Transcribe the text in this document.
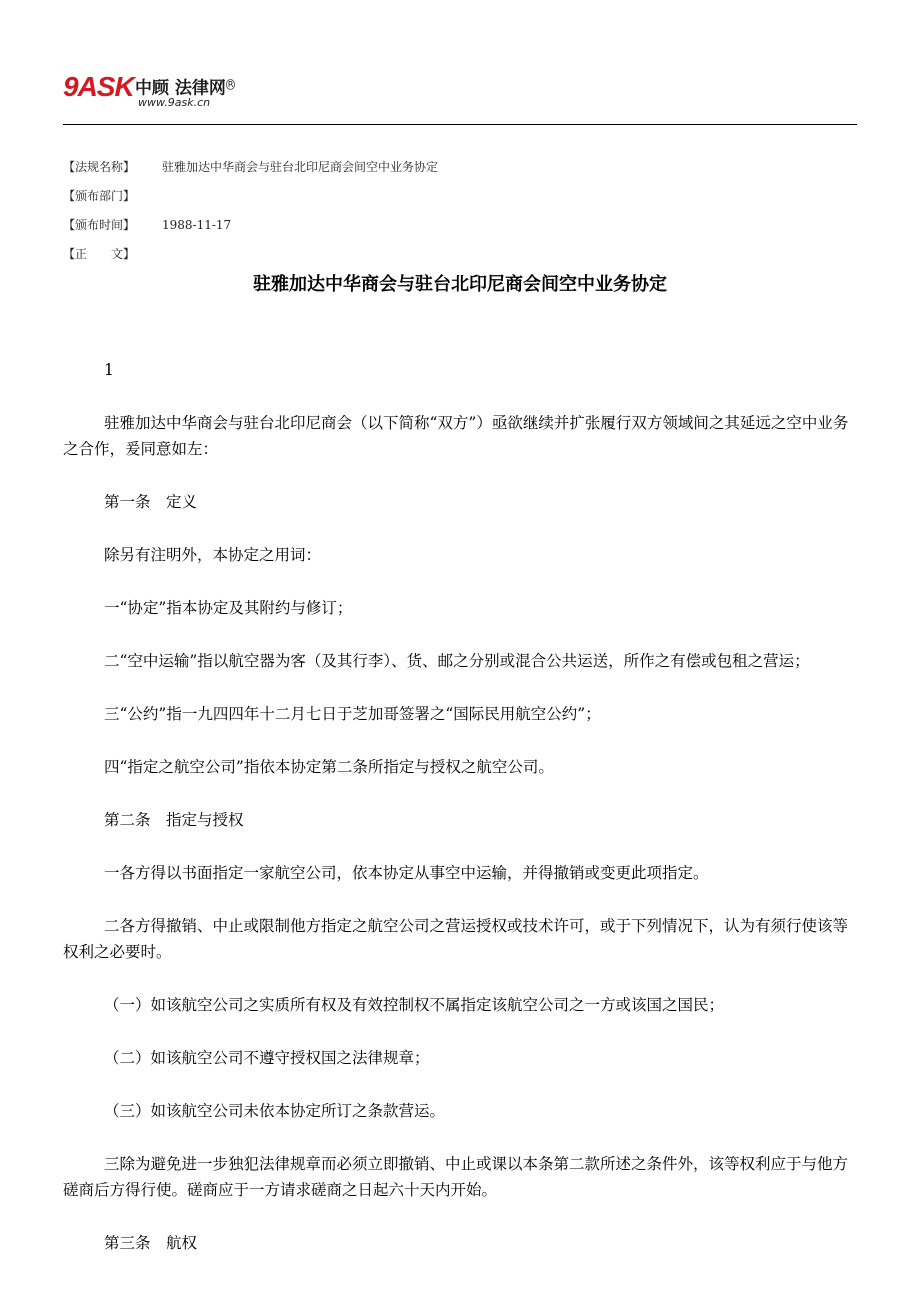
9ASK 中顾 法律网 $^R$
www.9ask.cn
【法规名称】 驻雅加达中华商会与驻台北印尼商会间空中业务协定
【颁布部门】
【颁布时间】 1988-11-17
【正　　文】
驻雅加达中华商会与驻台北印尼商会间空中业务协定

1

驻雅加达中华商会与驻台北印尼商会（以下简称“双方”）亟欲继续并扩张履行双方领域间之其延远之空中业务之合作，爰同意如左：

第一条　定义

除另有注明外，本协定之用词：

一“协定”指本协定及其附约与修订；

二“空中运输”指以航空器为客（及其行李）、货、邮之分别或混合公共运送，所作之有偿或包租之营运；

三“公约”指一九四四年十二月七日于芝加哥签署之“国际民用航空公约”；

四“指定之航空公司”指依本协定第二条所指定与授权之航空公司。

第二条　指定与授权

一各方得以书面指定一家航空公司，依本协定从事空中运输，并得撤销或变更此项指定。

二各方得撤销、中止或限制他方指定之航空公司之营运授权或技术许可，或于下列情况下，认为有须行使该等权利之必要时。

（一）如该航空公司之实质所有权及有效控制权不属指定该航空公司之一方或该国之国民；

（二）如该航空公司不遵守授权国之法律规章；

（三）如该航空公司未依本协定所订之条款营运。

三除为避免进一步独犯法律规章而必须立即撤销、中止或课以本条第二款所述之条件外，该等权利应于与他方磋商后方得行使。磋商应于一方请求磋商之日起六十天内开始。

第三条　航权
